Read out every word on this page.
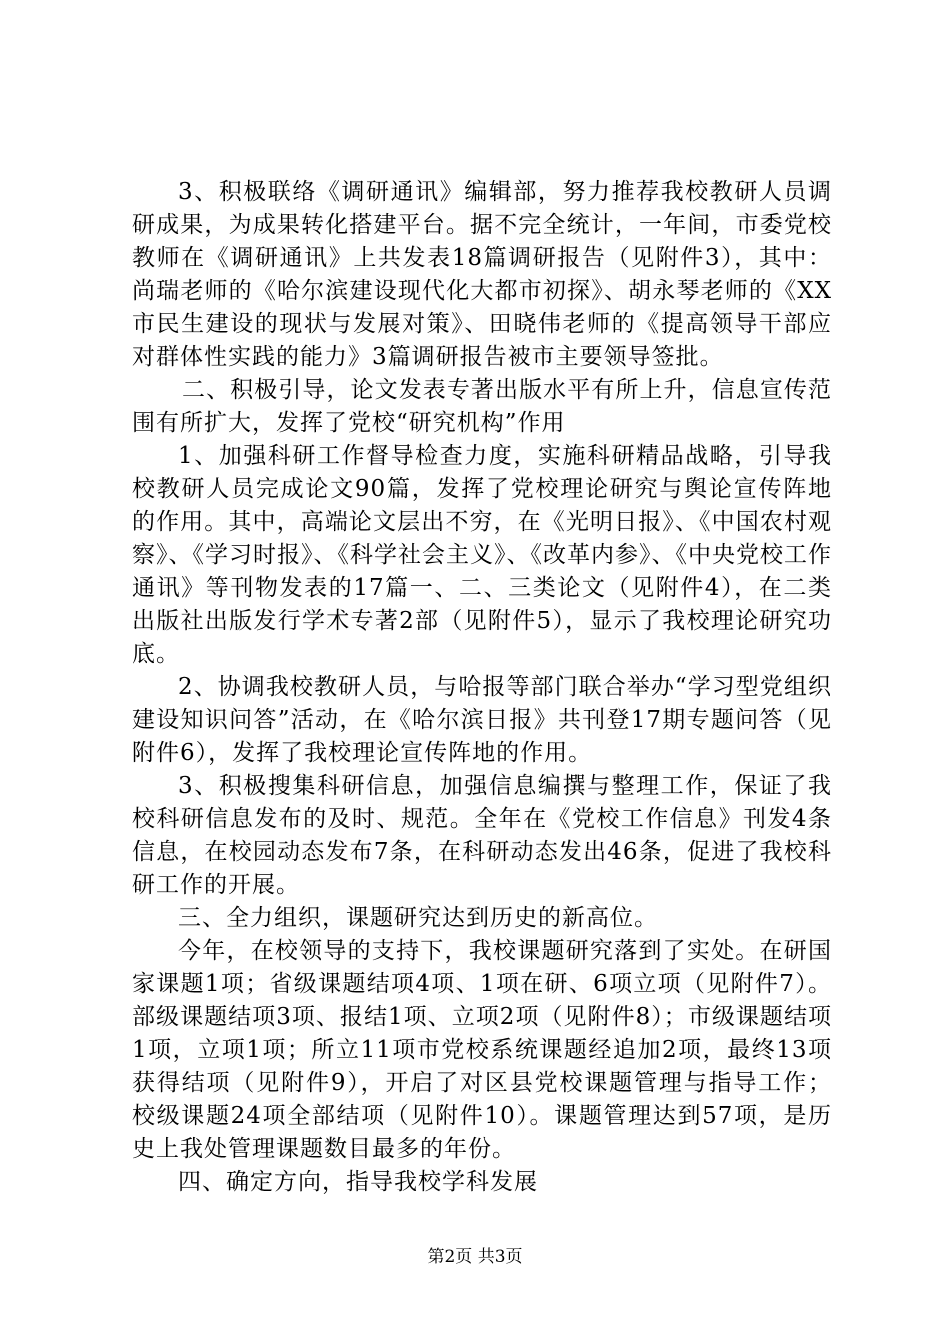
3、积极联络《调研通讯》编辑部，努力推荐我校教研人员调研成果，为成果转化搭建平台。据不完全统计，一年间，市委党校教师在《调研通讯》上共发表18篇调研报告（见附件3），其中：尚瑞老师的《哈尔滨建设现代化大都市初探》、胡永琴老师的《XX市民生建设的现状与发展对策》、田晓伟老师的《提高领导干部应对群体性实践的能力》3篇调研报告被市主要领导签批。

二、积极引导，论文发表专著出版水平有所上升，信息宣传范围有所扩大，发挥了党校“研究机构”作用

1、加强科研工作督导检查力度，实施科研精品战略，引导我校教研人员完成论文90篇，发挥了党校理论研究与舆论宣传阵地的作用。其中，高端论文层出不穷，在《光明日报》、《中国农村观察》、《学习时报》、《科学社会主义》、《改革内参》、《中央党校工作通讯》等刊物发表的17篇一、二、三类论文（见附件4），在二类出版社出版发行学术专著2部（见附件5），显示了我校理论研究功底。

2、协调我校教研人员，与哈报等部门联合举办“学习型党组织建设知识问答”活动，在《哈尔滨日报》共刊登17期专题问答（见附件6），发挥了我校理论宣传阵地的作用。

3、积极搜集科研信息，加强信息编撰与整理工作，保证了我校科研信息发布的及时、规范。全年在《党校工作信息》刊发4条信息，在校园动态发布7条，在科研动态发出46条，促进了我校科研工作的开展。

三、全力组织，课题研究达到历史的新高位。

今年，在校领导的支持下，我校课题研究落到了实处。在研国家课题1项；省级课题结项4项、1项在研、6项立项（见附件7）。部级课题结项3项、报结1项、立项2项（见附件8）；市级课题结项1项，立项1项；所立11项市党校系统课题经追加2项，最终13项获得结项（见附件9），开启了对区县党校课题管理与指导工作；校级课题24项全部结项（见附件10）。课题管理达到57项，是历史上我处管理课题数目最多的年份。

四、确定方向，指导我校学科发展

第2页 共3页
